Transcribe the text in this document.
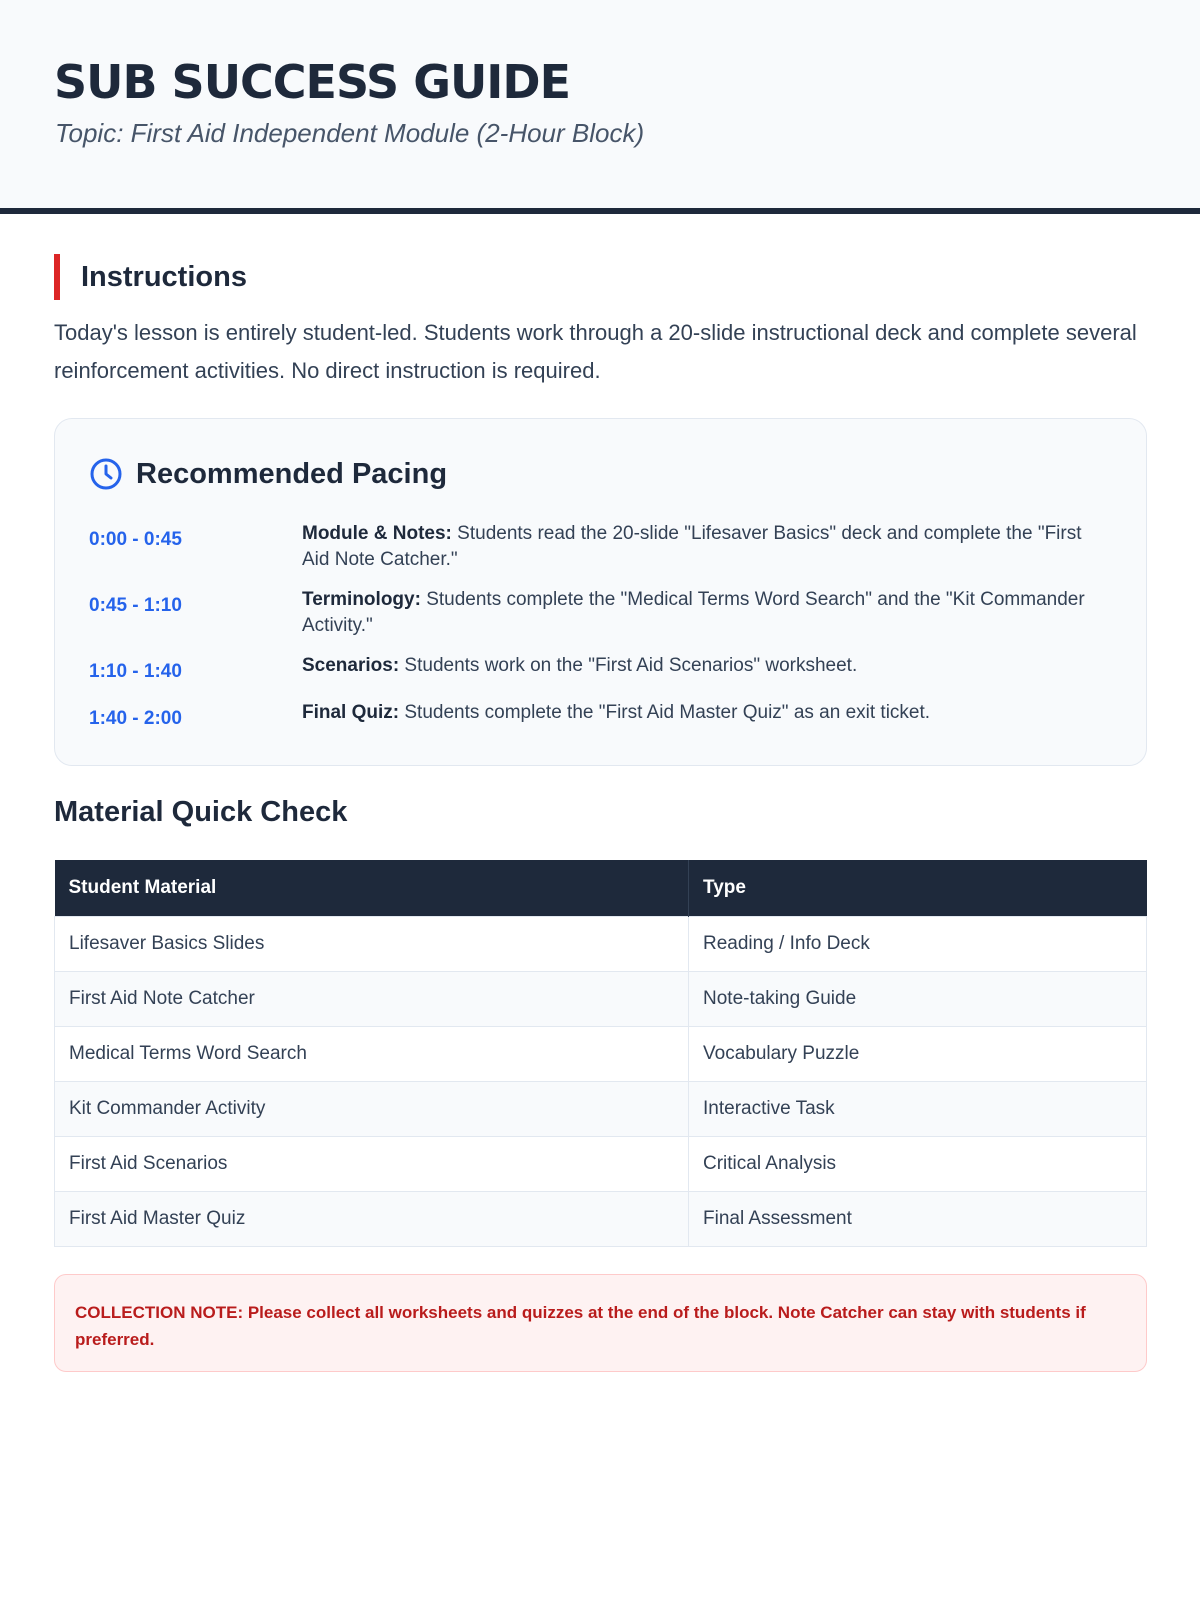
SUB SUCCESS GUIDE
Topic: First Aid Independent Module (2-Hour Block)
Instructions

Today's lesson is entirely student-led. Students work through a 20-slide instructional deck and complete several reinforcement activities. No direct instruction is required.

Recommended Pacing
0:00 - 0:45	Module & Notes: Students read the 20-slide "Lifesaver Basics" deck and complete the "First Aid Note Catcher."
0:45 - 1:10	Terminology: Students complete the "Medical Terms Word Search" and the "Kit Commander Activity."
1:10 - 1:40	Scenarios: Students work on the "First Aid Scenarios" worksheet.
1:40 - 2:00	Final Quiz: Students complete the "First Aid Master Quiz" as an exit ticket.
Material Quick Check
Student Material	Type
Lifesaver Basics Slides	Reading / Info Deck
First Aid Note Catcher	Note-taking Guide
Medical Terms Word Search	Vocabulary Puzzle
Kit Commander Activity	Interactive Task
First Aid Scenarios	Critical Analysis
First Aid Master Quiz	Final Assessment
COLLECTION NOTE: Please collect all worksheets and quizzes at the end of the block. Note Catcher can stay with students if preferred.
